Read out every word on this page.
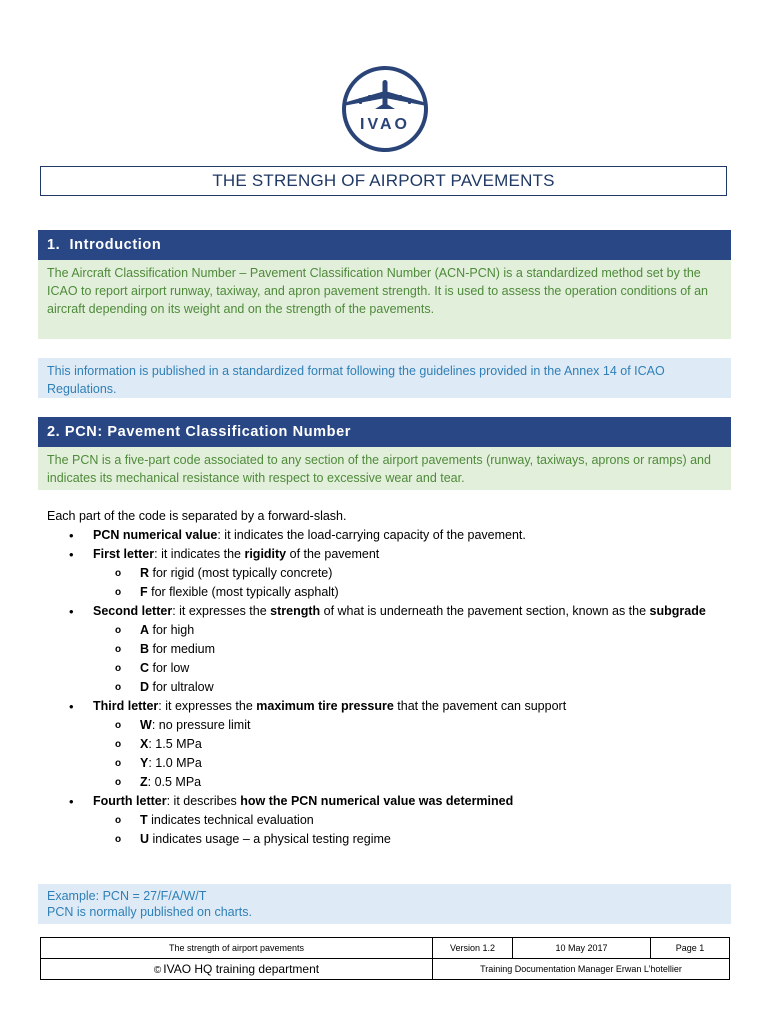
IVAO
THE STRENGH OF AIRPORT PAVEMENTS
1.  Introduction
The Aircraft Classification Number – Pavement Classification Number (ACN-PCN) is a standardized method set by the ICAO to report airport runway, taxiway, and apron pavement strength. It is used to assess the operation conditions of an aircraft depending on its weight and on the strength of the pavements.
This information is published in a standardized format following the guidelines provided in the Annex 14 of ICAO Regulations.
2. PCN: Pavement Classification Number
The PCN is a five-part code associated to any section of the airport pavements (runway, taxiways, aprons or ramps) and indicates its mechanical resistance with respect to excessive wear and tear.
Each part of the code is separated by a forward-slash.
• PCN numerical value: it indicates the load-carrying capacity of the pavement.
• First letter: it indicates the rigidity of the pavement
o R for rigid (most typically concrete)
o F for flexible (most typically asphalt)
• Second letter: it expresses the strength of what is underneath the pavement section, known as the subgrade
o A for high
o B for medium
o C for low
o D for ultralow
• Third letter: it expresses the maximum tire pressure that the pavement can support
o W: no pressure limit
o X: 1.5 MPa
o Y: 1.0 MPa
o Z: 0.5 MPa
• Fourth letter: it describes how the PCN numerical value was determined
o T indicates technical evaluation
o U indicates usage – a physical testing regime
Example: PCN = 27/F/A/W/T
PCN is normally published on charts.
The strength of airport pavements	Version 1.2	10 May 2017	Page 1
© IVAO HQ training department	Training Documentation Manager Erwan L’hotellier		
